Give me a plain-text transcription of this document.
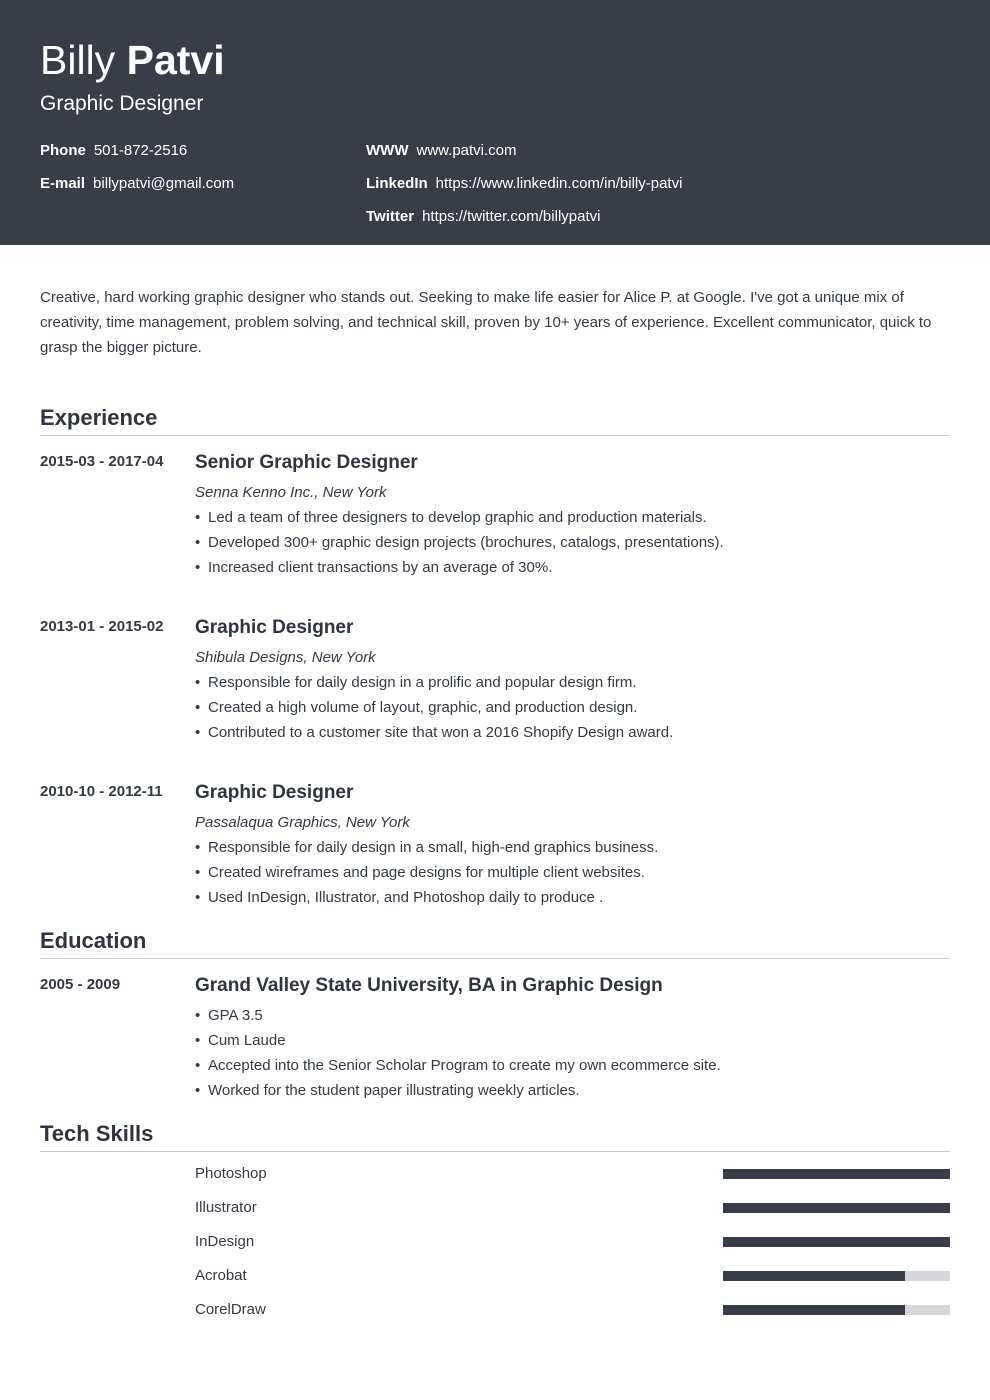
Billy Patvi
Graphic Designer
Phone 501-872-2516
E-mail billypatvi@gmail.com
WWW www.patvi.com
LinkedIn https://www.linkedin.com/in/billy-patvi
Twitter https://twitter.com/billypatvi

Creative, hard working graphic designer who stands out. Seeking to make life easier for Alice P. at Google. I've got a unique mix of creativity, time management, problem solving, and technical skill, proven by 10+ years of experience. Excellent communicator, quick to grasp the bigger picture.

Experience
2015-03 - 2017-04 Senior Graphic Designer
Senna Kenno Inc., New York
• Led a team of three designers to develop graphic and production materials.
• Developed 300+ graphic design projects (brochures, catalogs, presentations).
• Increased client transactions by an average of 30%.
2013-01 - 2015-02 Graphic Designer
Shibula Designs, New York
• Responsible for daily design in a prolific and popular design firm.
• Created a high volume of layout, graphic, and production design.
• Contributed to a customer site that won a 2016 Shopify Design award.
2010-10 - 2012-11 Graphic Designer
Passalaqua Graphics, New York
• Responsible for daily design in a small, high-end graphics business.
• Created wireframes and page designs for multiple client websites.
• Used InDesign, Illustrator, and Photoshop daily to produce .
Education
2005 - 2009	Grand Valley State University, BA in Graphic Design
• GPA 3.5
• Cum Laude
• Accepted into the Senior Scholar Program to create my own ecommerce site.
• Worked for the student paper illustrating weekly articles.
Tech Skills
Photoshop
Illustrator
InDesign
Acrobat
CorelDraw
